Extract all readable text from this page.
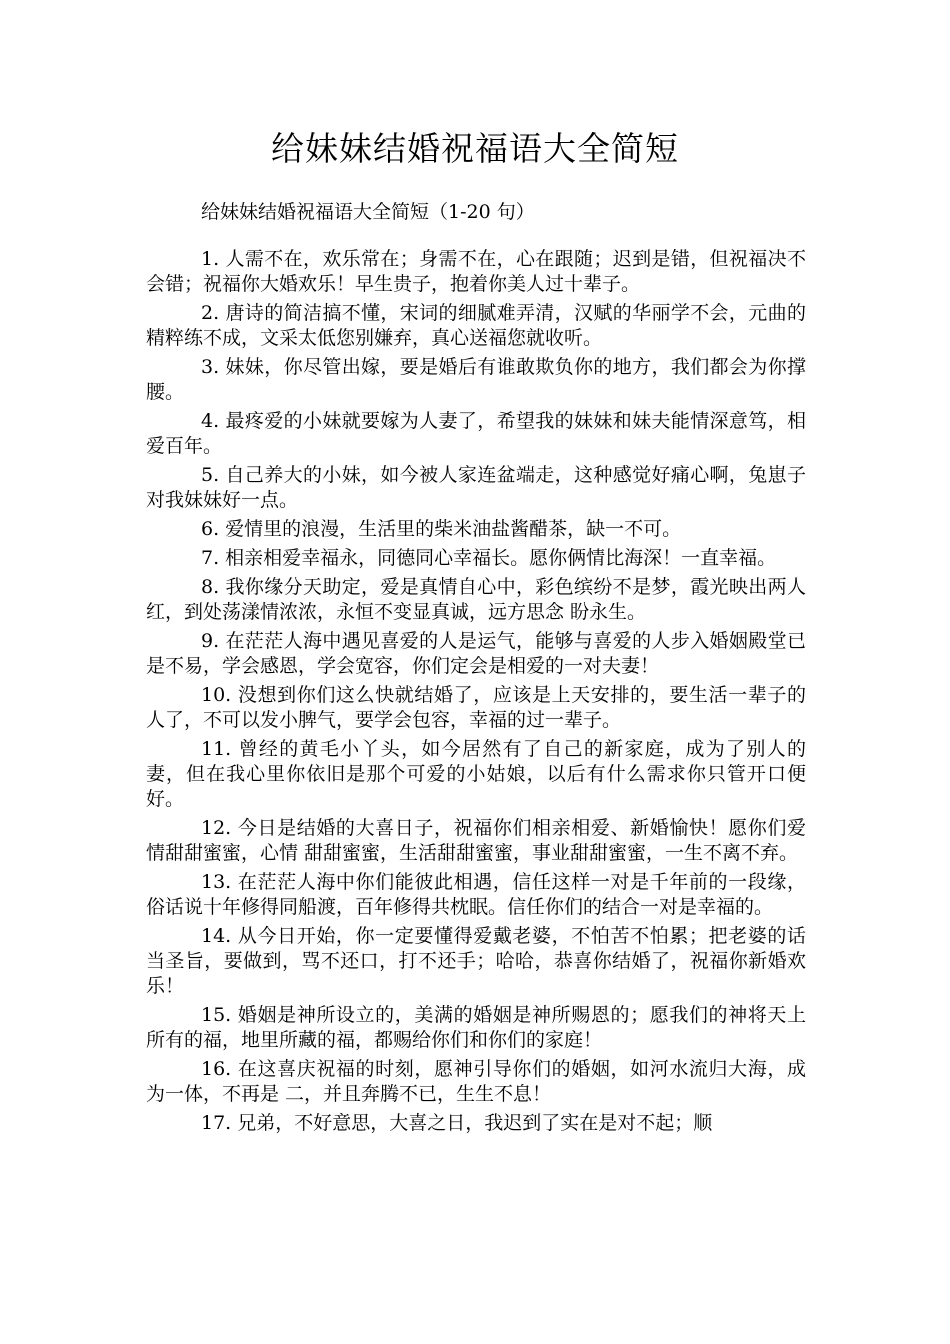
给妹妹结婚祝福语大全简短

给妹妹结婚祝福语大全简短（1-20 句）

1. 人需不在，欢乐常在；身需不在，心在跟随；迟到是错，但祝福决不会错；祝福你大婚欢乐！早生贵子，抱着你美人过十辈子。

2. 唐诗的简洁搞不懂，宋词的细腻难弄清，汉赋的华丽学不会，元曲的精粹练不成，文采太低您别嫌弃，真心送福您就收听。

3. 妹妹，你尽管出嫁，要是婚后有谁敢欺负你的地方，我们都会为你撑腰。

4. 最疼爱的小妹就要嫁为人妻了，希望我的妹妹和妹夫能情深意笃，相爱百年。

5. 自己养大的小妹，如今被人家连盆端走，这种感觉好痛心啊，兔崽子对我妹妹好一点。

6. 爱情里的浪漫，生活里的柴米油盐酱醋茶，缺一不可。

7. 相亲相爱幸福永，同德同心幸福长。愿你俩情比海深！一直幸福。

8. 我你缘分天助定，爱是真情自心中，彩色缤纷不是梦，霞光映出两人红，到处荡漾情浓浓，永恒不变显真诚，远方思念 盼永生。

9. 在茫茫人海中遇见喜爱的人是运气，能够与喜爱的人步入婚姻殿堂已是不易，学会感恩，学会宽容，你们定会是相爱的一对夫妻！

10. 没想到你们这么快就结婚了，应该是上天安排的，要生活一辈子的人了，不可以发小脾气，要学会包容，幸福的过一辈子。

11. 曾经的黄毛小丫头，如今居然有了自己的新家庭，成为了别人的妻，但在我心里你依旧是那个可爱的小姑娘，以后有什么需求你只管开口便好。

12. 今日是结婚的大喜日子，祝福你们相亲相爱、新婚愉快！愿你们爱情甜甜蜜蜜，心情 甜甜蜜蜜，生活甜甜蜜蜜，事业甜甜蜜蜜，一生不离不弃。

13. 在茫茫人海中你们能彼此相遇，信任这样一对是千年前的一段缘，俗话说十年修得同船渡，百年修得共枕眠。信任你们的结合一对是幸福的。

14. 从今日开始，你一定要懂得爱戴老婆，不怕苦不怕累；把老婆的话当圣旨，要做到，骂不还口，打不还手；哈哈，恭喜你结婚了，祝福你新婚欢乐！

15. 婚姻是神所设立的，美满的婚姻是神所赐恩的；愿我们的神将天上所有的福，地里所藏的福，都赐给你们和你们的家庭！

16. 在这喜庆祝福的时刻，愿神引导你们的婚姻，如河水流归大海，成为一体，不再是 二，并且奔腾不已，生生不息！

17. 兄弟，不好意思，大喜之日，我迟到了实在是对不起；顺
